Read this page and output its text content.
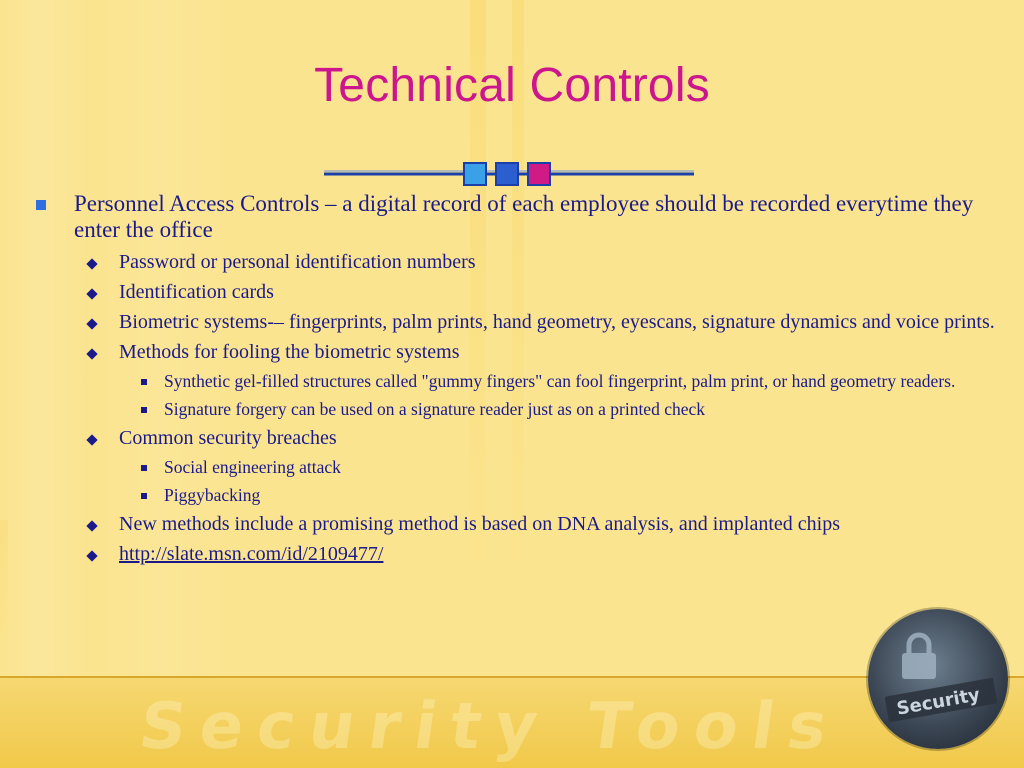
Technical Controls
Personnel Access Controls – a digital record of each employee should be recorded everytime they enter the office
Password or personal identification numbers
Identification cards
Biometric systems-– fingerprints, palm prints, hand geometry, eyescans, signature dynamics and voice prints.
Methods for fooling the biometric systems
Synthetic gel-filled structures called "gummy fingers" can fool fingerprint, palm print, or hand geometry readers.
Signature forgery can be used on a signature reader just as on a printed check
Common security breaches
Social engineering attack
Piggybacking
New methods include a promising method is based on DNA analysis, and implanted chips
http://slate.msn.com/id/2109477/
Security Tools	Security
